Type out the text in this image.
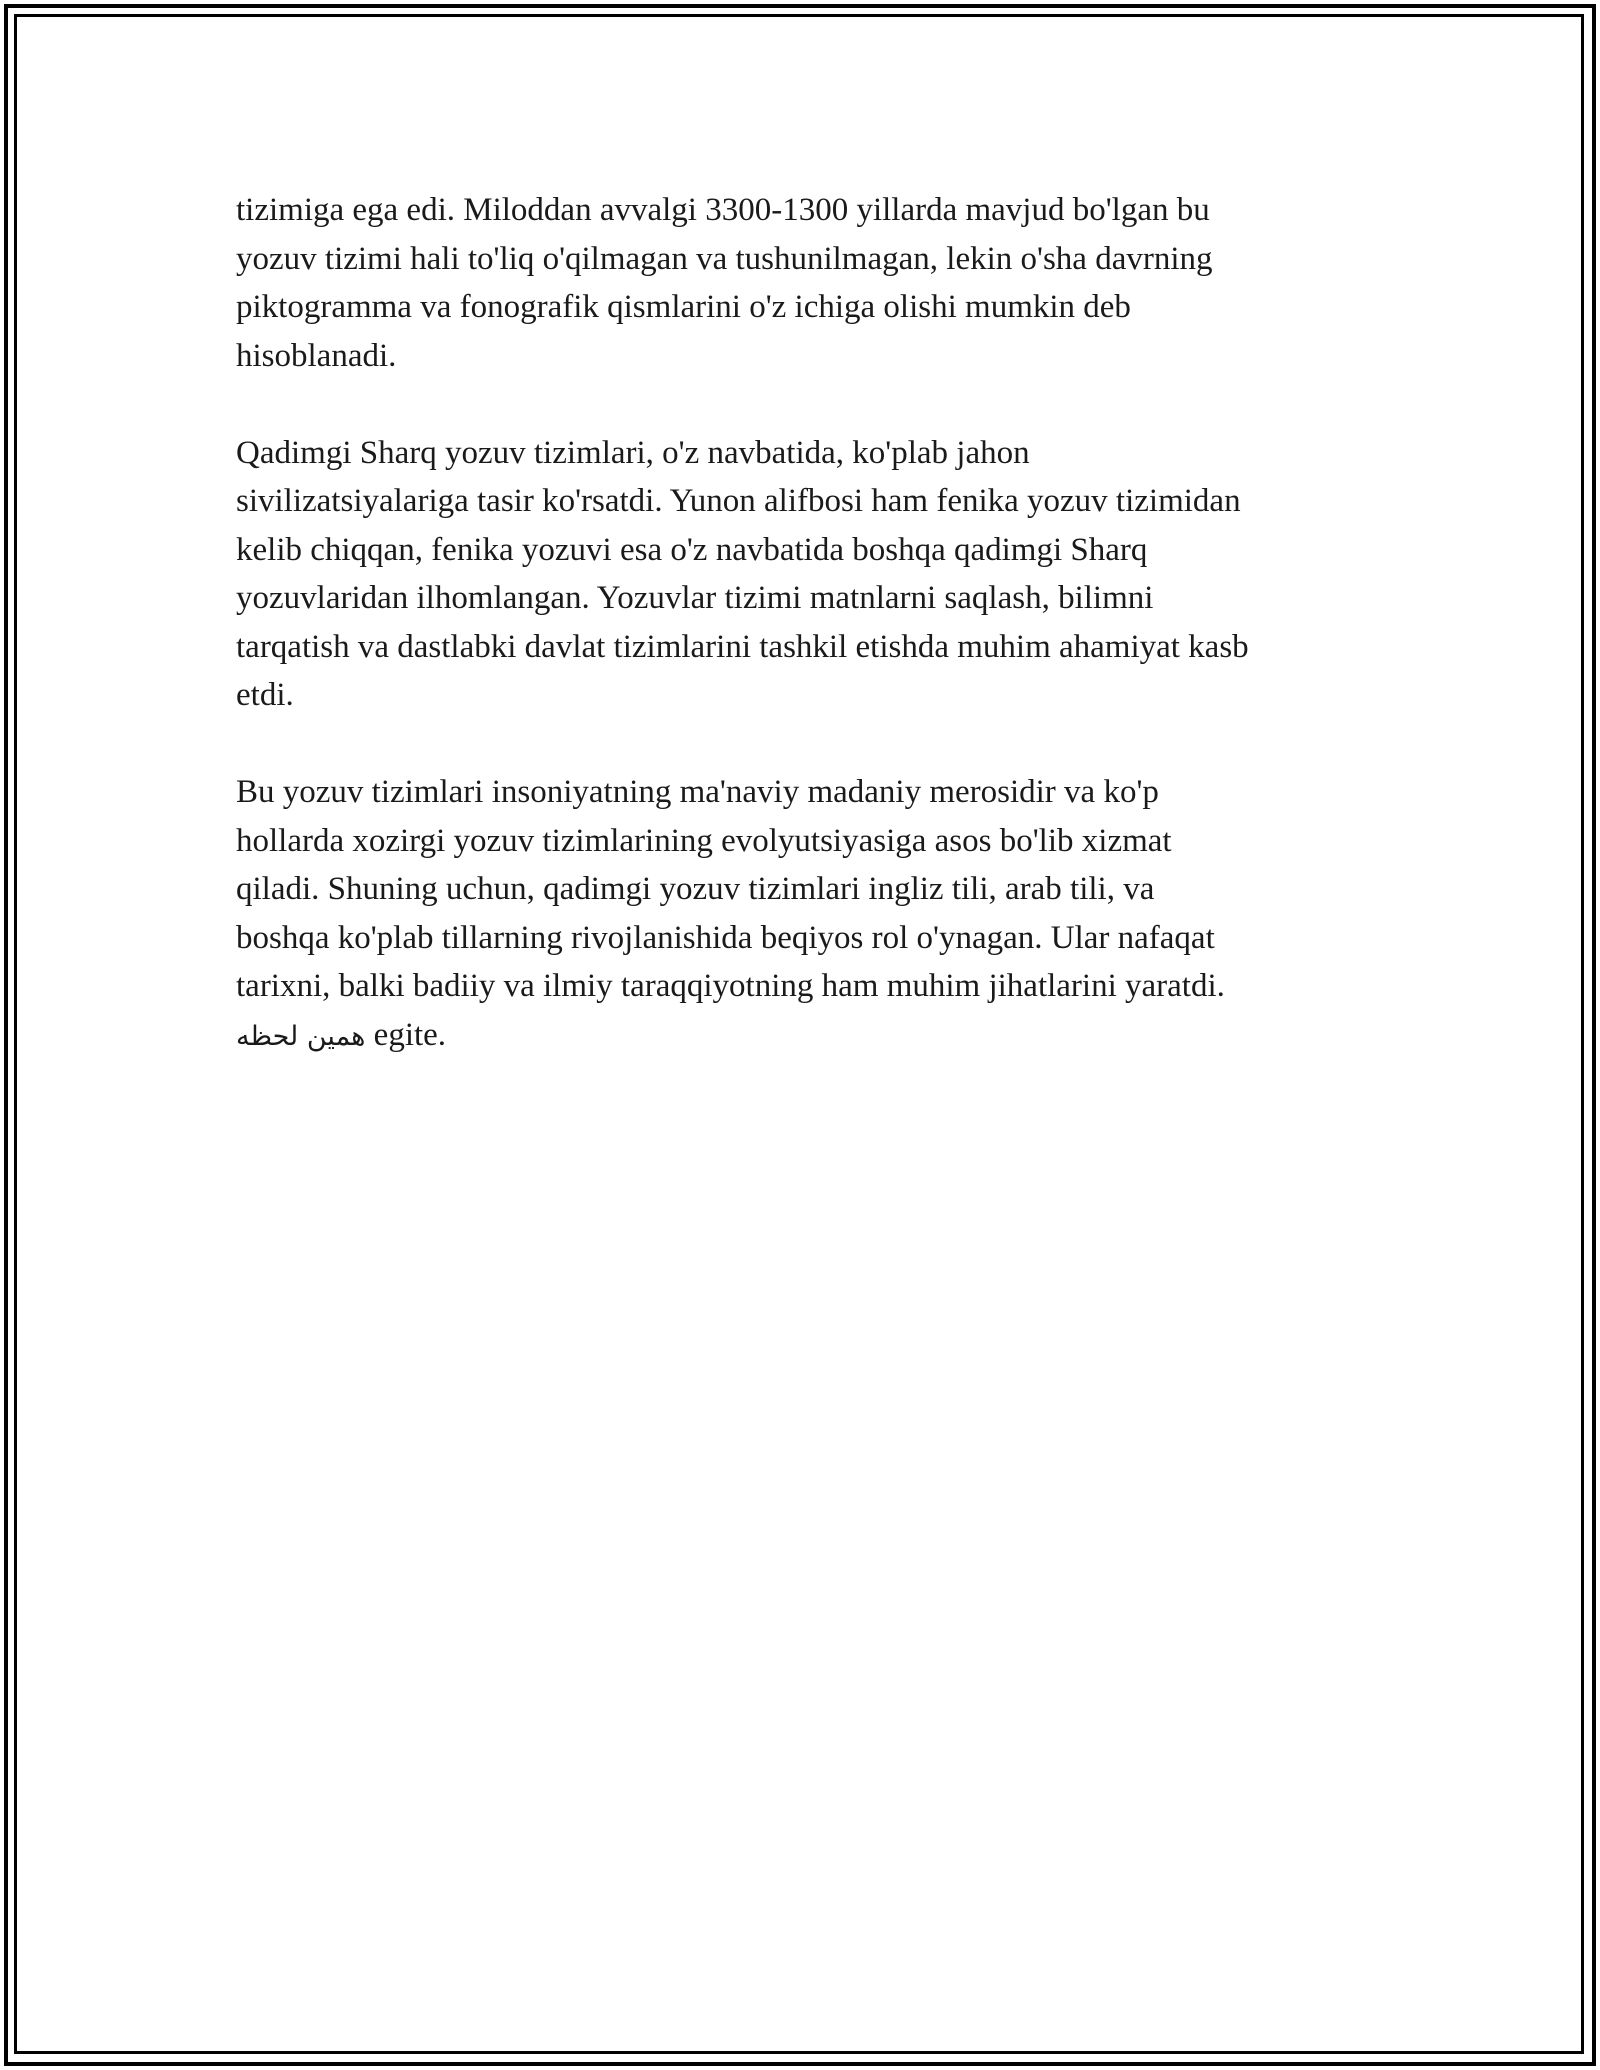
tizimiga ega edi. Miloddan avvalgi 3300-1300 yillarda mavjud bo'lgan bu
yozuv tizimi hali to'liq o'qilmagan va tushunilmagan, lekin o'sha davrning
piktogramma va fonografik qismlarini o'z ichiga olishi mumkin deb
hisoblanadi.

Qadimgi Sharq yozuv tizimlari, o'z navbatida, ko'plab jahon
sivilizatsiyalariga tasir ko'rsatdi. Yunon alifbosi ham fenika yozuv tizimidan
kelib chiqqan, fenika yozuvi esa o'z navbatida boshqa qadimgi Sharq
yozuvlaridan ilhomlangan. Yozuvlar tizimi matnlarni saqlash, bilimni
tarqatish va dastlabki davlat tizimlarini tashkil etishda muhim ahamiyat kasb
etdi.

Bu yozuv tizimlari insoniyatning ma'naviy madaniy merosidir va ko'p
hollarda xozirgi yozuv tizimlarining evolyutsiyasiga asos bo'lib xizmat
qiladi. Shuning uchun, qadimgi yozuv tizimlari ingliz tili, arab tili, va
boshqa ko'plab tillarning rivojlanishida beqiyos rol o'ynagan. Ular nafaqat
tarixni, balki badiiy va ilmiy taraqqiyotning ham muhim jihatlarini yaratdi.

همین لحظه egite.
